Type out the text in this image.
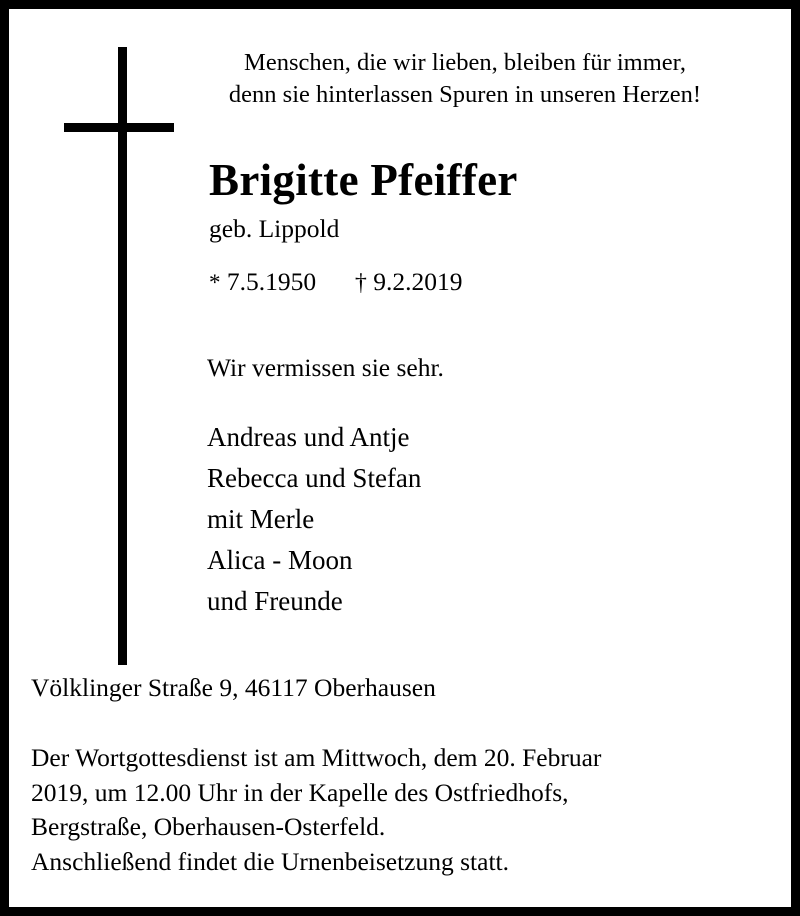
Menschen, die wir lieben, bleiben für immer,
denn sie hinterlassen Spuren in unseren Herzen!
Brigitte Pfeiffer
geb. Lippold
* 7.5.1950 † 9.2.2019
Wir vermissen sie sehr.
Andreas und Antje
Rebecca und Stefan
mit Merle
Alica - Moon
und Freunde
Völklinger Straße 9, 46117 Oberhausen
Der Wortgottesdienst ist am Mittwoch, dem 20. Februar
2019, um 12.00 Uhr in der Kapelle des Ostfriedhofs,
Bergstraße, Oberhausen-Osterfeld.
Anschließend findet die Urnenbeisetzung statt.
